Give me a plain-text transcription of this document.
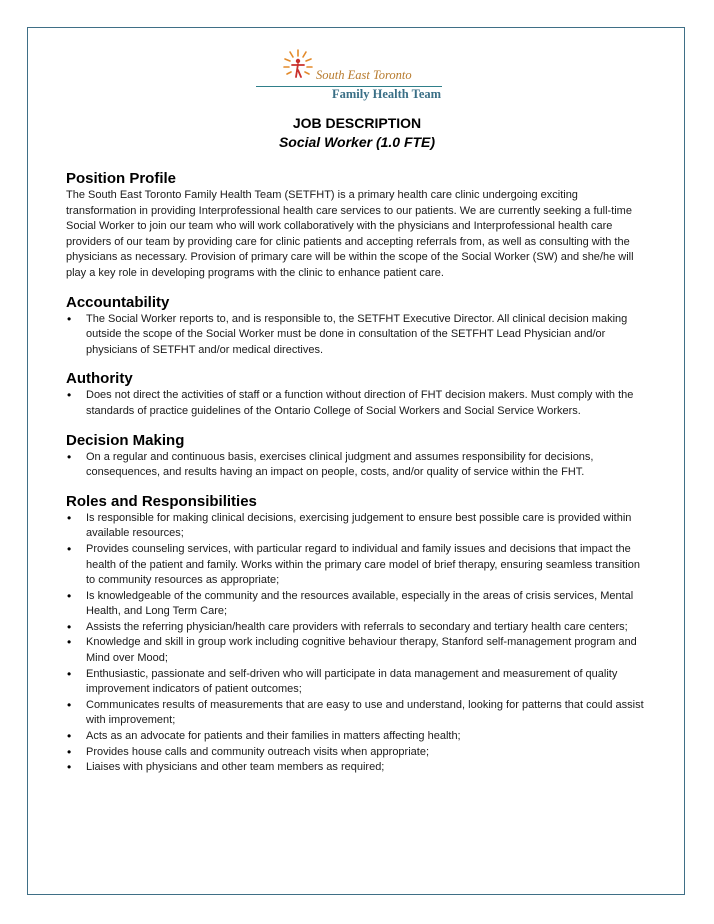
South East Toronto
Family Health Team
JOB DESCRIPTION
Social Worker (1.0 FTE)
Position Profile

The South East Toronto Family Health Team (SETFHT) is a primary health care clinic undergoing exciting transformation in providing Interprofessional health care services to our patients. We are currently seeking a full-time Social Worker to join our team who will work collaboratively with the physicians and Interprofessional health care providers of our team by providing care for clinic patients and accepting referrals from, as well as consulting with the physicians as necessary. Provision of primary care will be within the scope of the Social Worker (SW) and she/he will play a key role in developing programs with the clinic to enhance patient care.

Accountability
• The Social Worker reports to, and is responsible to, the SETFHT Executive Director. All clinical decision making outside the scope of the Social Worker must be done in consultation of the SETFHT Lead Physician and/or physicians of SETFHT and/or medical directives.
Authority
• Does not direct the activities of staff or a function without direction of FHT decision makers. Must comply with the standards of practice guidelines of the Ontario College of Social Workers and Social Service Workers.
Decision Making
• On a regular and continuous basis, exercises clinical judgment and assumes responsibility for decisions, consequences, and results having an impact on people, costs, and/or quality of service within the FHT.
Roles and Responsibilities
• Is responsible for making clinical decisions, exercising judgement to ensure best possible care is provided within available resources;
• Provides counseling services, with particular regard to individual and family issues and decisions that impact the health of the patient and family. Works within the primary care model of brief therapy, ensuring seamless transition to community resources as appropriate;
• Is knowledgeable of the community and the resources available, especially in the areas of crisis services, Mental Health, and Long Term Care;
• Assists the referring physician/health care providers with referrals to secondary and tertiary health care centers;
• Knowledge and skill in group work including cognitive behaviour therapy, Stanford self-management program and Mind over Mood;
• Enthusiastic, passionate and self-driven who will participate in data management and measurement of quality improvement indicators of patient outcomes;
• Communicates results of measurements that are easy to use and understand, looking for patterns that could assist with improvement;
• Acts as an advocate for patients and their families in matters affecting health;
• Provides house calls and community outreach visits when appropriate;
• Liaises with physicians and other team members as required;
